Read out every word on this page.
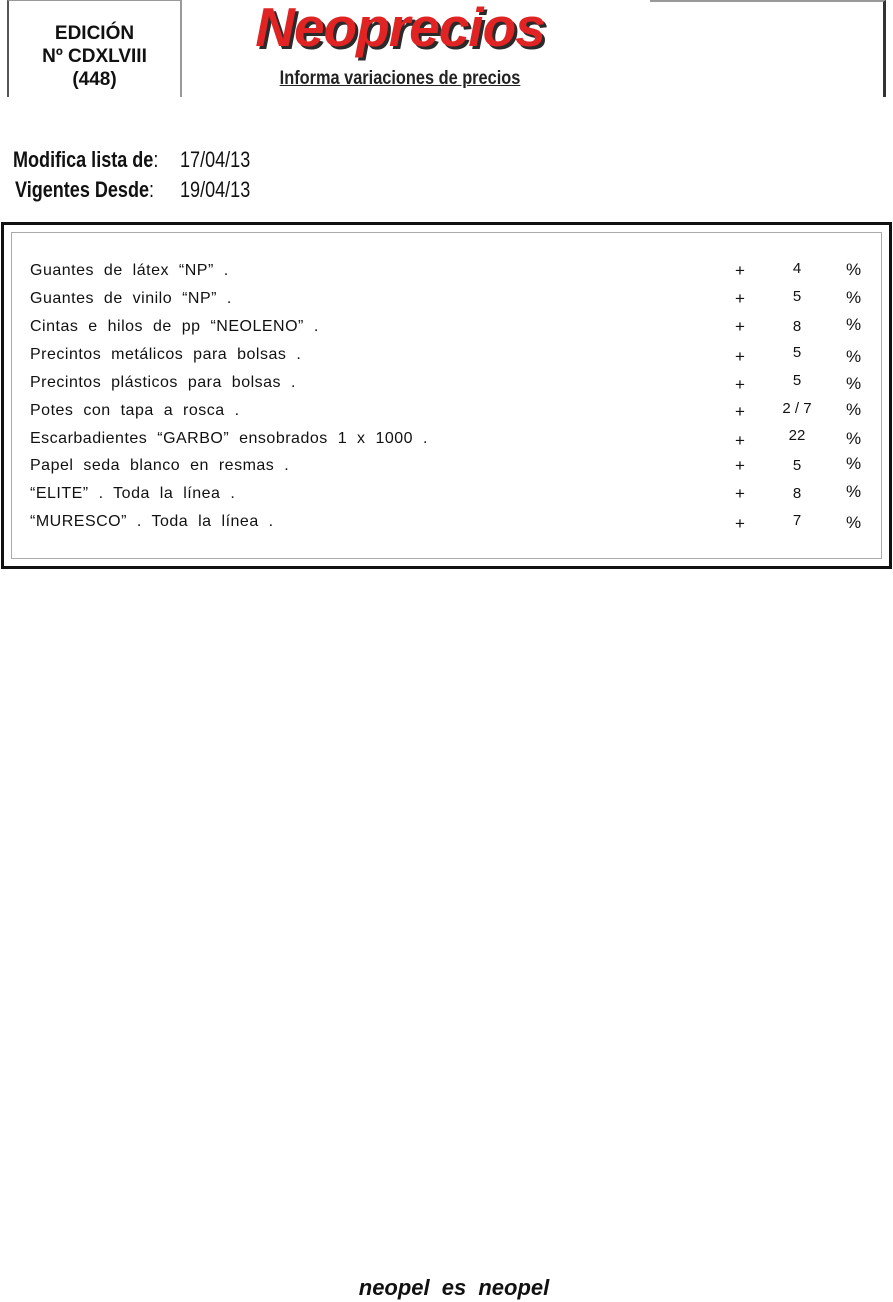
EDICIÓN
Nº CDXLVIII
(448)
Neoprecios
Informa variaciones de precios
Modifica lista de: 17/04/13
Vigentes Desde:	19/04/13
Guantes de látex “NP” .	+	4	%
Guantes de vinilo “NP” .	+	5	%
Cintas e hilos de pp “NEOLENO” .	+	8	%
Precintos metálicos para bolsas .	+	5	%
Precintos plásticos para bolsas .	+	5	%
Potes con tapa a rosca .	+	2 / 7	%
Escarbadientes “GARBO” ensobrados 1 x 1000 .	+	22	%
Papel seda blanco en resmas .	+	5	%
“ELITE” . Toda la línea .	+	8	%
“MURESCO” . Toda la línea .	+	7	%
neopel es neopel
